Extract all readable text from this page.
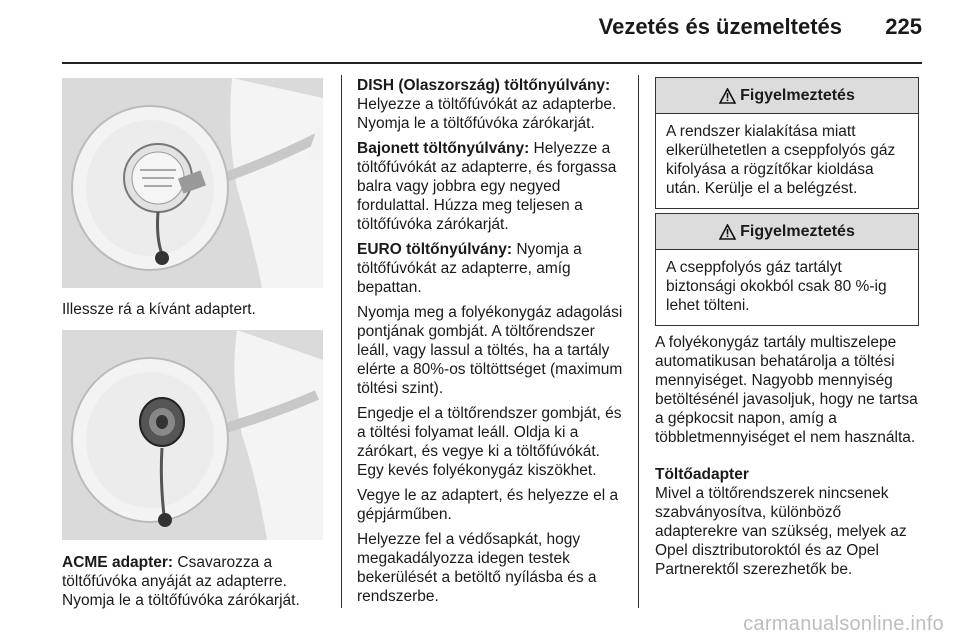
Vezetés és üzemeltetés 225

Illessze rá a kívánt adaptert.

ACME adapter: Csavarozza a töltőfúvóka anyáját az adapterre. Nyomja le a töltőfúvóka zárókarját.

DISH (Olaszország) töltőnyúlvány: Helyezze a töltőfúvókát az adapterbe. Nyomja le a töltőfúvóka zárókarját.

Bajonett töltőnyúlvány: Helyezze a töltőfúvókát az adapterre, és forgassa balra vagy jobbra egy negyed fordulattal. Húzza meg teljesen a töltőfúvóka zárókarját.

EURO töltőnyúlvány: Nyomja a töltőfúvókát az adapterre, amíg bepattan.

Nyomja meg a folyékonygáz adagolási pontjának gombját. A töltőrendszer leáll, vagy lassul a töltés, ha a tartály elérte a 80%-os töltöttséget (maximum töltési szint).

Engedje el a töltőrendszer gombját, és a töltési folyamat leáll. Oldja ki a zárókart, és vegye ki a töltőfúvókát. Egy kevés folyékonygáz kiszökhet.

Vegye le az adaptert, és helyezze el a gépjárműben.

Helyezze fel a védősapkát, hogy megakadályozza idegen testek bekerülését a betöltő nyílásba és a rendszerbe.

Figyelmeztetés
A rendszer kialakítása miatt elkerülhetetlen a cseppfolyós gáz kifolyása a rögzítőkar kioldása után. Kerülje el a belégzést.
Figyelmeztetés
A cseppfolyós gáz tartályt biztonsági okokból csak 80 %-ig lehet tölteni.

A folyékonygáz tartály multiszelepe automatikusan behatárolja a töltési mennyiséget. Nagyobb mennyiség betöltésénél javasoljuk, hogy ne tartsa a gépkocsit napon, amíg a többletmennyiséget el nem használta.

Töltőadapter

Mivel a töltőrendszerek nincsenek szabványosítva, különböző adapterekre van szükség, melyek az Opel disztributoroktól és az Opel Partnerektől szerezhetők be.

carmanualsonline.info
